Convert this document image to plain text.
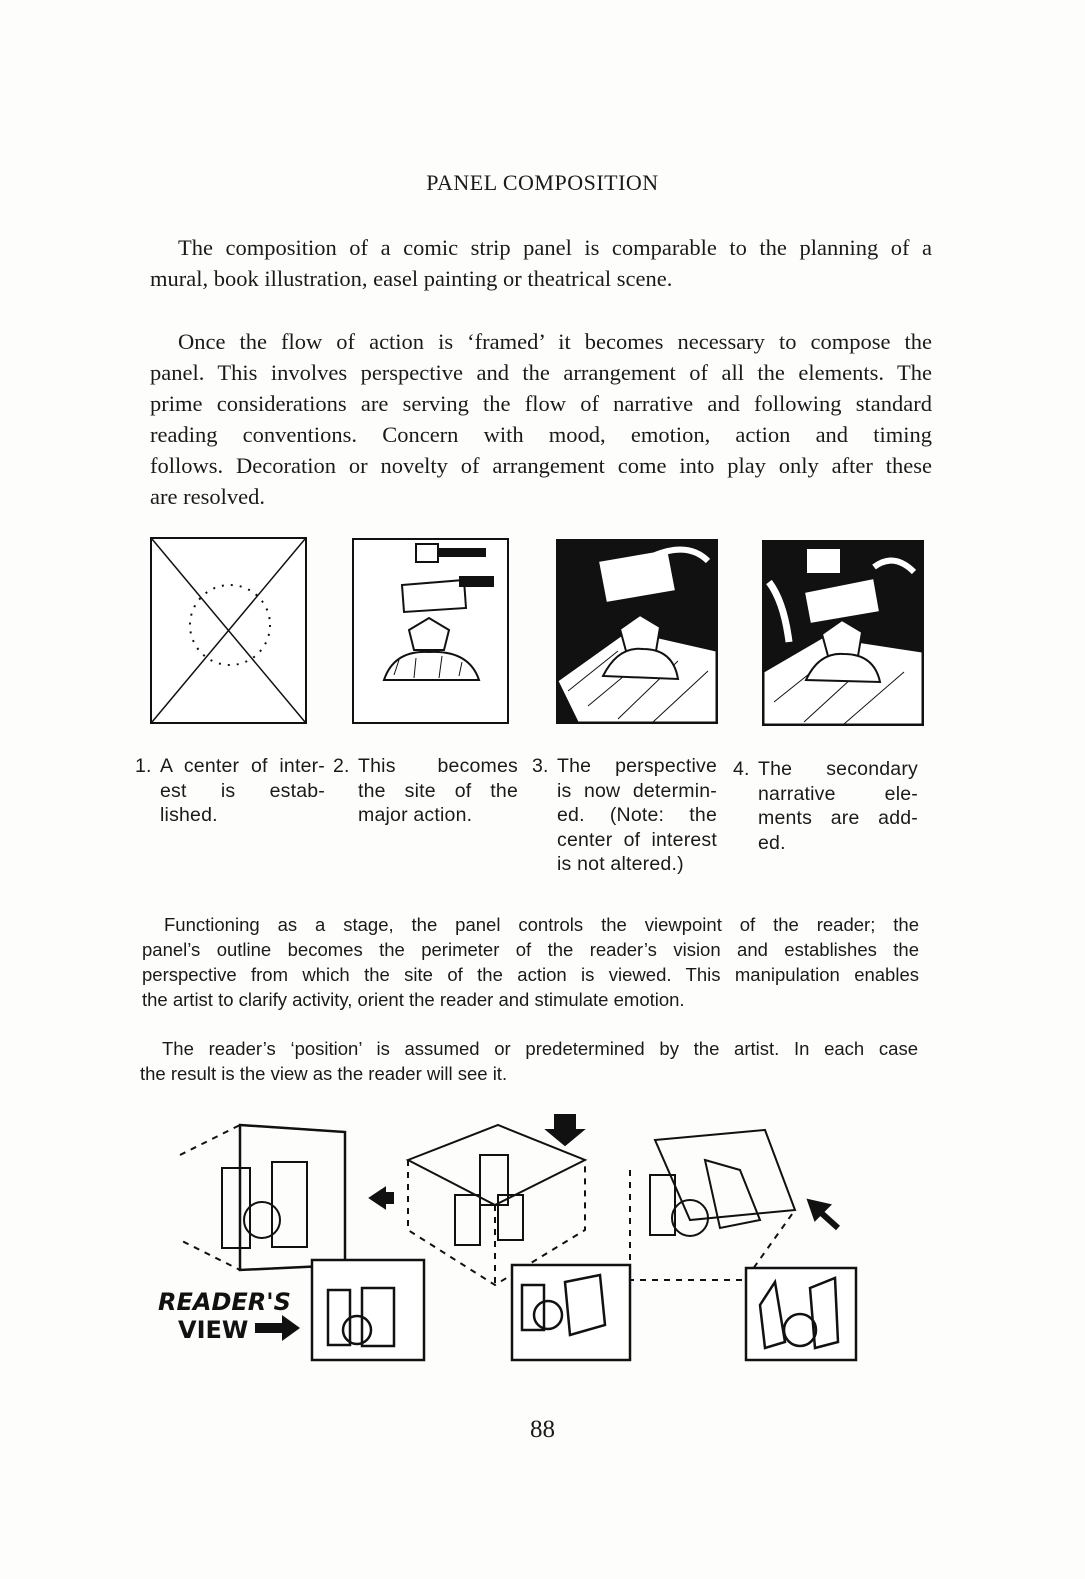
PANEL COMPOSITION
The composition of a comic strip panel is comparable to the planning of a
mural, book illustration, easel painting or theatrical scene.
Once the flow of action is ‘framed’ it becomes necessary to compose the
panel. This involves perspective and the arrangement of all the elements. The
prime considerations are serving the flow of narrative and following standard
reading conventions. Concern with mood, emotion, action and timing
follows. Decoration or novelty of arrangement come into play only after these
are resolved.
1. A center of inter-
est is estab-
lished.
2. This becomes
the site of the
major action.
3. The perspective
is now determin-
ed. (Note: the
center of interest
is not altered.)
4. The secondary
narrative ele-
ments are add-
ed.
Functioning as a stage, the panel controls the viewpoint of the reader; the
panel’s outline becomes the perimeter of the reader’s vision and establishes the
perspective from which the site of the action is viewed. This manipulation enables
the artist to clarify activity, orient the reader and stimulate emotion.
The reader’s ‘position’ is assumed or predetermined by the artist. In each case
the result is the view as the reader will see it.
READER'S
VIEW
88
